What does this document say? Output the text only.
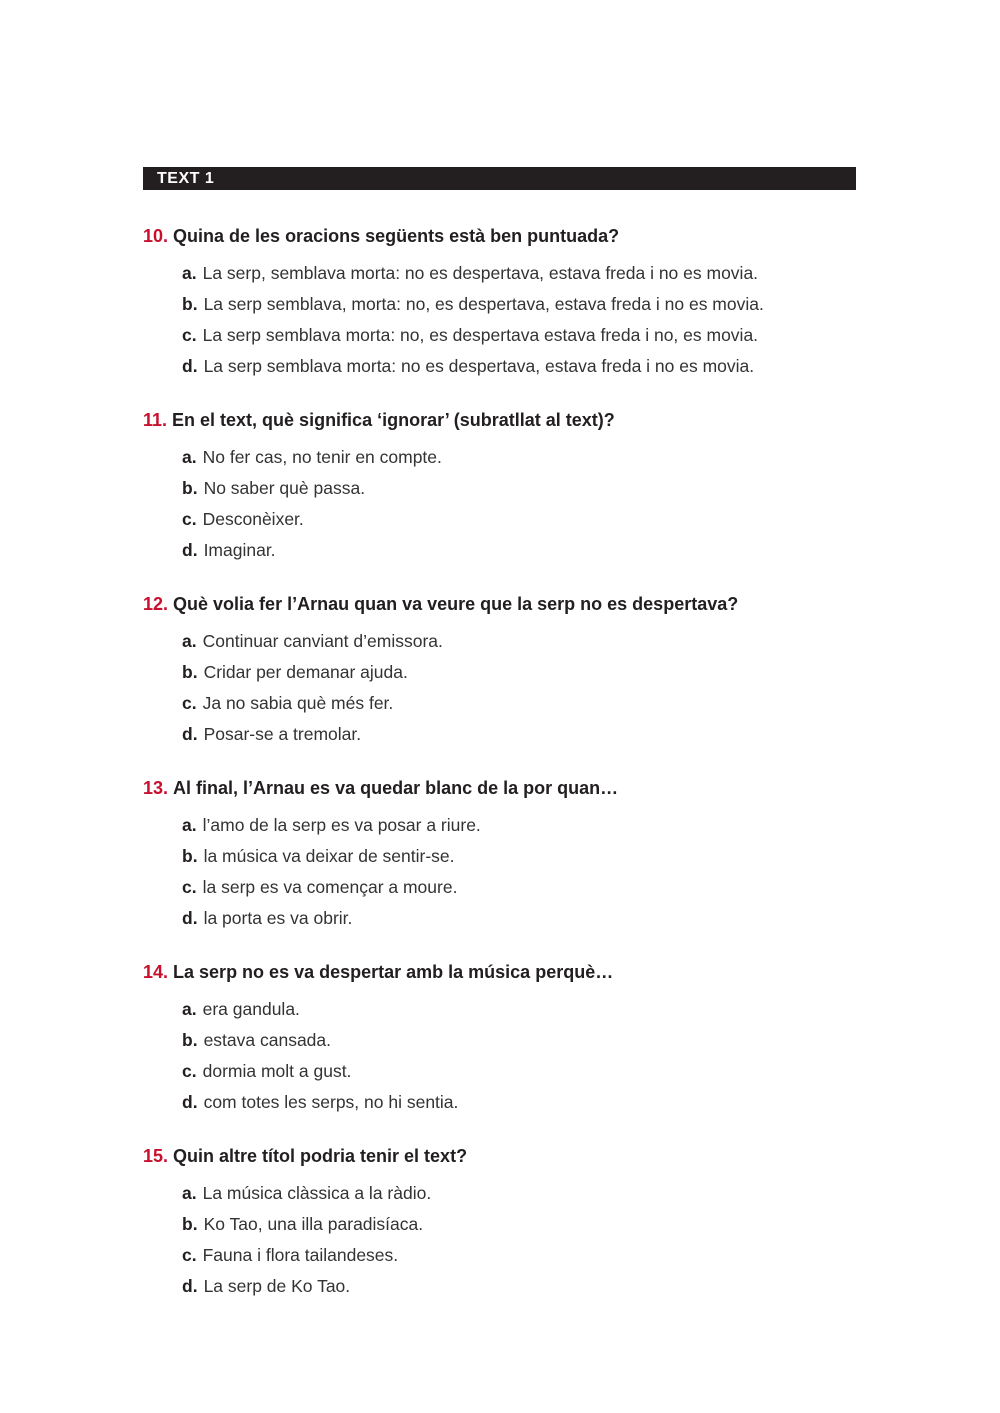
TEXT 1
10. Quina de les oracions següents està ben puntuada?
a. La serp, semblava morta: no es despertava, estava freda i no es movia.
b. La serp semblava, morta: no, es despertava, estava freda i no es movia.
c. La serp semblava morta: no, es despertava estava freda i no, es movia.
d. La serp semblava morta: no es despertava, estava freda i no es movia.
11. En el text, què significa ‘ignorar’ (subratllat al text)?
a. No fer cas, no tenir en compte.
b. No saber què passa.
c. Desconèixer.
d. Imaginar.
12. Què volia fer l’Arnau quan va veure que la serp no es despertava?
a. Continuar canviant d’emissora.
b. Cridar per demanar ajuda.
c. Ja no sabia què més fer.
d. Posar-se a tremolar.
13. Al final, l’Arnau es va quedar blanc de la por quan…
a. l’amo de la serp es va posar a riure.
b. la música va deixar de sentir-se.
c. la serp es va començar a moure.
d. la porta es va obrir.
14. La serp no es va despertar amb la música perquè…
a. era gandula.
b. estava cansada.
c. dormia molt a gust.
d. com totes les serps, no hi sentia.
15. Quin altre títol podria tenir el text?
a. La música clàssica a la ràdio.
b. Ko Tao, una illa paradisíaca.
c. Fauna i flora tailandeses.
d. La serp de Ko Tao.
